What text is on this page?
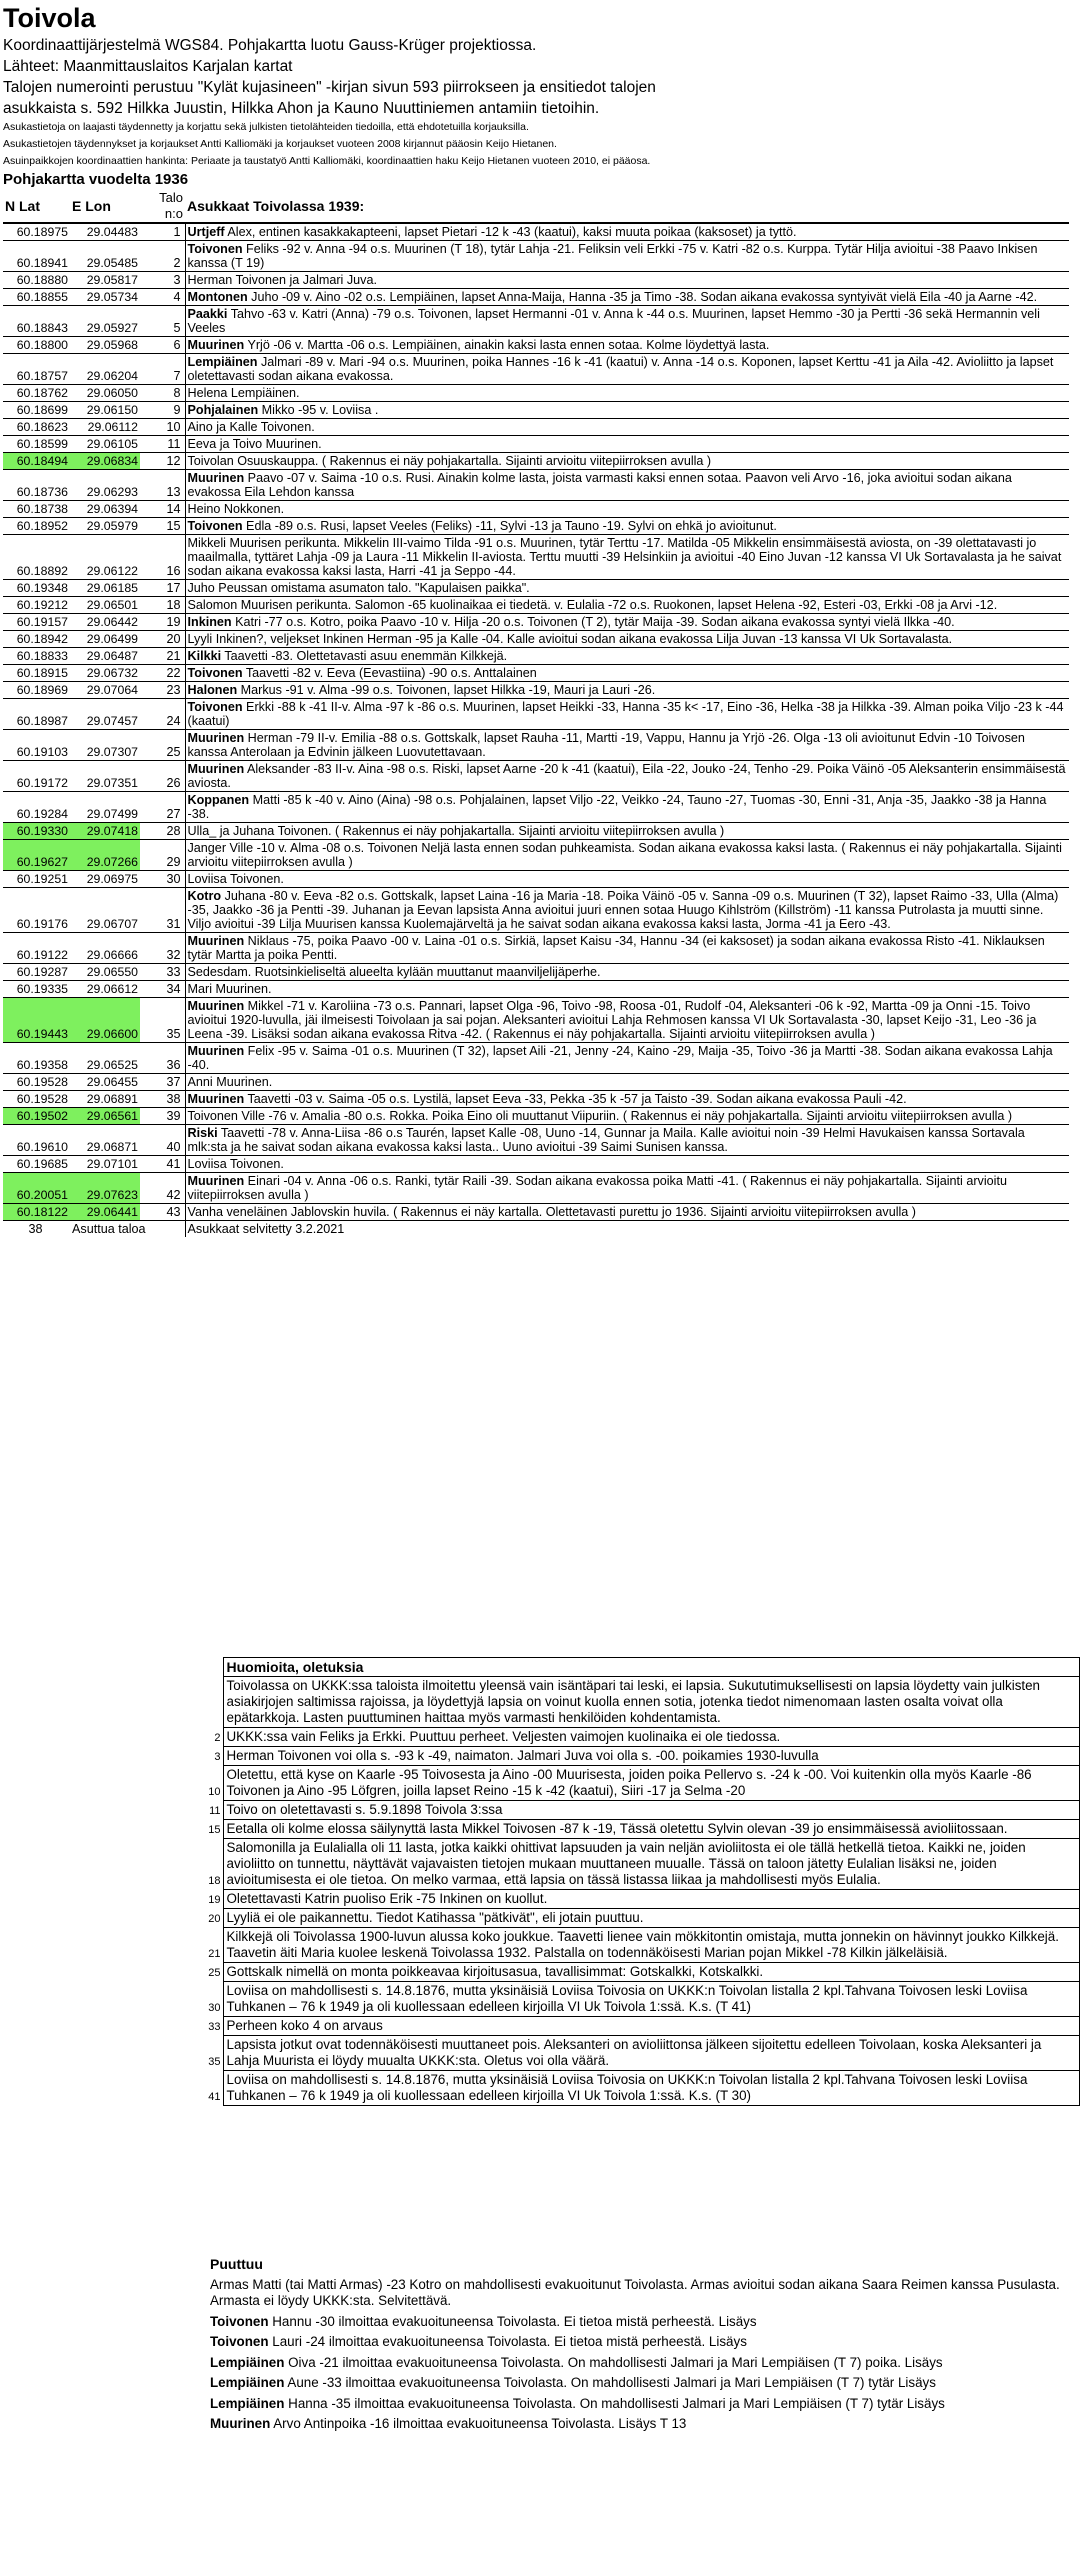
Toivola
Koordinaattijärjestelmä WGS84. Pohjakartta luotu Gauss-Krüger projektiossa.
Lähteet: Maanmittauslaitos Karjalan kartat
Talojen numerointi perustuu "Kylät kujasineen" -kirjan sivun 593 piirrokseen ja ensitiedot talojen
asukkaista s. 592 Hilkka Juustin, Hilkka Ahon ja Kauno Nuuttiniemen antamiin tietoihin.
Asukastietoja on laajasti täydennetty ja korjattu sekä julkisten tietolähteiden tiedoilla, että ehdotetuilla korjauksilla.
Asukastietojen täydennykset ja korjaukset Antti Kalliomäki ja korjaukset vuoteen 2008 kirjannut pääosin Keijo Hietanen.
Asuinpaikkojen koordinaattien hankinta: Periaate ja taustatyö Antti Kalliomäki, koordinaattien haku Keijo Hietanen vuoteen 2010, ei pääosa.
Pohjakartta vuodelta 1936
N Lat	E Lon	Talo n:o	Asukkaat Toivolassa 1939:
60.18975	29.04483	1	Urtjeff Alex, entinen kasakkakapteeni, lapset Pietari -12 k -43 (kaatui), kaksi muuta poikaa (kaksoset) ja tyttö.
60.18941	29.05485	2	Toivonen Feliks -92 v. Anna -94 o.s. Muurinen (T 18), tytär Lahja -21. Feliksin veli Erkki -75 v. Katri -82 o.s. Kurppa. Tytär Hilja avioitui -38 Paavo Inkisen kanssa (T 19)
60.18880	29.05817	3	Herman Toivonen ja Jalmari Juva.
60.18855	29.05734	4	Montonen Juho -09 v. Aino -02 o.s. Lempiäinen, lapset Anna-Maija, Hanna -35 ja Timo -38. Sodan aikana evakossa syntyivät vielä Eila -40 ja Aarne -42.
60.18843	29.05927	5	Paakki Tahvo -63 v. Katri (Anna) -79 o.s. Toivonen, lapset Hermanni -01 v. Anna k -44 o.s. Muurinen, lapset Hemmo -30 ja Pertti -36 sekä Hermannin veli Veeles
60.18800	29.05968	6	Muurinen Yrjö -06 v. Martta -06 o.s. Lempiäinen, ainakin kaksi lasta ennen sotaa. Kolme löydettyä lasta.
60.18757	29.06204	7	Lempiäinen Jalmari -89 v. Mari -94 o.s. Muurinen, poika Hannes -16 k -41 (kaatui) v. Anna -14 o.s. Koponen, lapset Kerttu -41 ja Aila -42. Avioliitto ja lapset oletettavasti sodan aikana evakossa.
60.18762	29.06050	8	Helena Lempiäinen.
60.18699	29.06150	9	Pohjalainen Mikko -95 v. Loviisa .
60.18623	29.06112	10	Aino ja Kalle Toivonen.
60.18599	29.06105	11	Eeva ja Toivo Muurinen.
60.18494	29.06834	12	Toivolan Osuuskauppa. ( Rakennus ei näy pohjakartalla. Sijainti arvioitu viitepiirroksen avulla )
60.18736	29.06293	13	Muurinen Paavo -07 v. Saima -10 o.s. Rusi. Ainakin kolme lasta, joista varmasti kaksi ennen sotaa. Paavon veli Arvo -16, joka avioitui sodan aikana evakossa Eila Lehdon kanssa
60.18738	29.06394	14	Heino Nokkonen.
60.18952	29.05979	15	Toivonen Edla -89 o.s. Rusi, lapset Veeles (Feliks) -11, Sylvi -13 ja Tauno -19. Sylvi on ehkä jo avioitunut.
60.18892	29.06122	16	Mikkeli Muurisen perikunta. Mikkelin III-vaimo Tilda -91 o.s. Muurinen, tytär Terttu -17. Matilda -05 Mikkelin ensimmäisestä aviosta, on -39 olettatavasti jo maailmalla, tyttäret Lahja -09 ja Laura -11 Mikkelin II-aviosta. Terttu muutti -39 Helsinkiin ja avioitui -40 Eino Juvan -12 kanssa VI Uk Sortavalasta ja he saivat sodan aikana evakossa kaksi lasta, Harri -41 ja Seppo -44.
60.19348	29.06185	17	Juho Peussan omistama asumaton talo. "Kapulaisen paikka".
60.19212	29.06501	18	Salomon Muurisen perikunta. Salomon -65 kuolinaikaa ei tiedetä. v. Eulalia -72 o.s. Ruokonen, lapset Helena -92, Esteri -03, Erkki -08 ja Arvi -12.
60.19157	29.06442	19	Inkinen Katri -77 o.s. Kotro, poika Paavo -10 v. Hilja -20 o.s. Toivonen (T 2), tytär Maija -39. Sodan aikana evakossa syntyi vielä Ilkka -40.
60.18942	29.06499	20	Lyyli Inkinen?, veljekset Inkinen Herman -95 ja Kalle -04. Kalle avioitui sodan aikana evakossa Lilja Juvan -13 kanssa VI Uk Sortavalasta.
60.18833	29.06487	21	Kilkki Taavetti -83. Olettetavasti asuu enemmän Kilkkejä.
60.18915	29.06732	22	Toivonen Taavetti -82 v. Eeva (Eevastiina) -90 o.s. Anttalainen
60.18969	29.07064	23	Halonen Markus -91 v. Alma -99 o.s. Toivonen, lapset Hilkka -19, Mauri ja Lauri -26.
60.18987	29.07457	24	Toivonen Erkki -88 k -41 II-v. Alma -97 k -86 o.s. Muurinen, lapset Heikki -33, Hanna -35 k< -17, Eino -36, Helka -38 ja Hilkka -39. Alman poika Viljo -23 k -44 (kaatui)
60.19103	29.07307	25	Muurinen Herman -79 II-v. Emilia -88 o.s. Gottskalk, lapset Rauha -11, Martti -19, Vappu, Hannu ja Yrjö -26. Olga -13 oli avioitunut Edvin -10 Toivosen kanssa Anterolaan ja Edvinin jälkeen Luovutettavaan.
60.19172	29.07351	26	Muurinen Aleksander -83 II-v. Aina -98 o.s. Riski, lapset Aarne -20 k -41 (kaatui), Eila -22, Jouko -24, Tenho -29. Poika Väinö -05 Aleksanterin ensimmäisestä aviosta.
60.19284	29.07499	27	Koppanen Matti -85 k -40 v. Aino (Aina) -98 o.s. Pohjalainen, lapset Viljo -22, Veikko -24, Tauno -27, Tuomas -30, Enni -31, Anja -35, Jaakko -38 ja Hanna -38.
60.19330	29.07418	28	Ulla_ ja Juhana Toivonen. ( Rakennus ei näy pohjakartalla. Sijainti arvioitu viitepiirroksen avulla )
60.19627	29.07266	29	Janger Ville -10 v. Alma -08 o.s. Toivonen Neljä lasta ennen sodan puhkeamista. Sodan aikana evakossa kaksi lasta. ( Rakennus ei näy pohjakartalla. Sijainti arvioitu viitepiirroksen avulla )
60.19251	29.06975	30	Loviisa Toivonen.
60.19176	29.06707	31	Kotro Juhana -80 v. Eeva -82 o.s. Gottskalk, lapset Laina -16 ja Maria -18. Poika Väinö -05 v. Sanna -09 o.s. Muurinen (T 32), lapset Raimo -33, Ulla (Alma) -35, Jaakko -36 ja Pentti -39. Juhanan ja Eevan lapsista Anna avioitui juuri ennen sotaa Huugo Kihlström (Killström) -11 kanssa Putrolasta ja muutti sinne. Viljo avioitui -39 Lilja Muurisen kanssa Kuolemajärveltä ja he saivat sodan aikana evakossa kaksi lasta, Jorma -41 ja Eero -43.
60.19122	29.06666	32	Muurinen Niklaus -75, poika Paavo -00 v. Laina -01 o.s. Sirkiä, lapset Kaisu -34, Hannu -34 (ei kaksoset) ja sodan aikana evakossa Risto -41. Niklauksen tytär Martta ja poika Pentti.
60.19287	29.06550	33	Sedesdam. Ruotsinkieliseltä alueelta kylään muuttanut maanviljelijäperhe.
60.19335	29.06612	34	Mari Muurinen.
60.19443	29.06600	35	Muurinen Mikkel -71 v. Karoliina -73 o.s. Pannari, lapset Olga -96, Toivo -98, Roosa -01, Rudolf -04, Aleksanteri -06 k -92, Martta -09 ja Onni -15. Toivo avioitui 1920-luvulla, jäi ilmeisesti Toivolaan ja sai pojan. Aleksanteri avioitui Lahja Rehmosen kanssa VI Uk Sortavalasta -30, lapset Keijo -31, Leo -36 ja Leena -39. Lisäksi sodan aikana evakossa Ritva -42. ( Rakennus ei näy pohjakartalla. Sijainti arvioitu viitepiirroksen avulla )
60.19358	29.06525	36	Muurinen Felix -95 v. Saima -01 o.s. Muurinen (T 32), lapset Aili -21, Jenny -24, Kaino -29, Maija -35, Toivo -36 ja Martti -38. Sodan aikana evakossa Lahja -40.
60.19528	29.06455	37	Anni Muurinen.
60.19528	29.06891	38	Muurinen Taavetti -03 v. Saima -05 o.s. Lystilä, lapset Eeva -33, Pekka -35 k -57 ja Taisto -39. Sodan aikana evakossa Pauli -42.
60.19502	29.06561	39	Toivonen Ville -76 v. Amalia -80 o.s. Rokka. Poika Eino oli muuttanut Viipuriin. ( Rakennus ei näy pohjakartalla. Sijainti arvioitu viitepiirroksen avulla )
60.19610	29.06871	40	Riski Taavetti -78 v. Anna-Liisa -86 o.s Taurén, lapset Kalle -08, Uuno -14, Gunnar ja Maila. Kalle avioitui noin -39 Helmi Havukaisen kanssa Sortavala mlk:sta ja he saivat sodan aikana evakossa kaksi lasta.. Uuno avioitui -39 Saimi Sunisen kanssa.
60.19685	29.07101	41	Loviisa Toivonen.
60.20051	29.07623	42	Muurinen Einari -04 v. Anna -06 o.s. Ranki, tytär Raili -39. Sodan aikana evakossa poika Matti -41. ( Rakennus ei näy pohjakartalla. Sijainti arvioitu viitepiirroksen avulla )
60.18122	29.06441	43	Vanha veneläinen Jablovskin huvila. ( Rakennus ei näy kartalla. Olettetavasti purettu jo 1936. Sijainti arvioitu viitepiirroksen avulla )
38	Asuttua taloa		Asukkaat selvitetty 3.2.2021
	Huomioita, oletuksia
	Toivolassa on UKKK:ssa taloista ilmoitettu yleensä vain isäntäpari tai leski, ei lapsia. Sukututimuksellisesti on lapsia löydetty vain julkisten asiakirjojen saltimissa rajoissa, ja löydettyjä lapsia on voinut kuolla ennen sotia, jotenka tiedot nimenomaan lasten osalta voivat olla epätarkkoja. Lasten puuttuminen haittaa myös varmasti henkilöiden kohdentamista.
2	UKKK:ssa vain Feliks ja Erkki. Puuttuu perheet. Veljesten vaimojen kuolinaika ei ole tiedossa.
3	Herman Toivonen voi olla s. -93 k -49, naimaton. Jalmari Juva voi olla s. -00. poikamies 1930-luvulla
10	Oletettu, että kyse on Kaarle -95 Toivosesta ja Aino -00 Muurisesta, joiden poika Pellervo s. -24 k -00. Voi kuitenkin olla myös Kaarle -86 Toivonen ja Aino -95 Löfgren, joilla lapset Reino -15 k -42 (kaatui), Siiri -17 ja Selma -20
11	Toivo on oletettavasti s. 5.9.1898 Toivola 3:ssa
15	Eetalla oli kolme elossa säilynyttä lasta Mikkel Toivosen -87 k -19, Tässä oletettu Sylvin olevan -39 jo ensimmäisessä avioliitossaan.
18	Salomonilla ja Eulalialla oli 11 lasta, jotka kaikki ohittivat lapsuuden ja vain neljän avioliitosta ei ole tällä hetkellä tietoa. Kaikki ne, joiden avioliitto on tunnettu, näyttävät vajavaisten tietojen mukaan muuttaneen muualle. Tässä on taloon jätetty Eulalian lisäksi ne, joiden avioitumisesta ei ole tietoa. On melko varmaa, että lapsia on tässä listassa liikaa ja mahdollisesti myös Eulalia.
19	Oletettavasti Katrin puoliso Erik -75 Inkinen on kuollut.
20	Lyyliä ei ole paikannettu. Tiedot Katihassa "pätkivät", eli jotain puuttuu.
21	Kilkkejä oli Toivolassa 1900-luvun alussa koko joukkue. Taavetti lienee vain mökkitontin omistaja, mutta jonnekin on hävinnyt joukko Kilkkejä. Taavetin äiti Maria kuolee leskenä Toivolassa 1932. Palstalla on todennäköisesti Marian pojan Mikkel -78 Kilkin jälkeläisiä.
25	Gottskalk nimellä on monta poikkeavaa kirjoitusasua, tavallisimmat: Gotskalkki, Kotskalkki.
30	Loviisa on mahdollisesti s. 14.8.1876, mutta yksinäisiä Loviisa Toivosia on UKKK:n Toivolan listalla 2 kpl.Tahvana Toivosen leski Loviisa Tuhkanen – 76 k 1949 ja oli kuollessaan edelleen kirjoilla VI Uk Toivola 1:ssä. K.s. (T 41)
33	Perheen koko 4 on arvaus
35	Lapsista jotkut ovat todennäköisesti muuttaneet pois. Aleksanteri on avioliittonsa jälkeen sijoitettu edelleen Toivolaan, koska Aleksanteri ja Lahja Muurista ei löydy muualta UKKK:sta. Oletus voi olla väärä.
41	Loviisa on mahdollisesti s. 14.8.1876, mutta yksinäisiä Loviisa Toivosia on UKKK:n Toivolan listalla 2 kpl.Tahvana Toivosen leski Loviisa Tuhkanen – 76 k 1949 ja oli kuollessaan edelleen kirjoilla VI Uk Toivola 1:ssä. K.s. (T 30)
Puuttuu

Armas Matti (tai Matti Armas) -23 Kotro on mahdollisesti evakuoitunut Toivolasta. Armas avioitui sodan aikana Saara Reimen kanssa Pusulasta. Armasta ei löydy UKKK:sta. Selvitettävä.

Toivonen Hannu -30 ilmoittaa evakuoituneensa Toivolasta. Ei tietoa mistä perheestä. Lisäys

Toivonen Lauri -24 ilmoittaa evakuoituneensa Toivolasta. Ei tietoa mistä perheestä. Lisäys

Lempiäinen Oiva -21 ilmoittaa evakuoituneensa Toivolasta. On mahdollisesti Jalmari ja Mari Lempiäisen (T 7) poika. Lisäys

Lempiäinen Aune -33 ilmoittaa evakuoituneensa Toivolasta. On mahdollisesti Jalmari ja Mari Lempiäisen (T 7) tytär Lisäys

Lempiäinen Hanna -35 ilmoittaa evakuoituneensa Toivolasta. On mahdollisesti Jalmari ja Mari Lempiäisen (T 7) tytär Lisäys

Muurinen Arvo Antinpoika -16 ilmoittaa evakuoituneensa Toivolasta. Lisäys T 13
